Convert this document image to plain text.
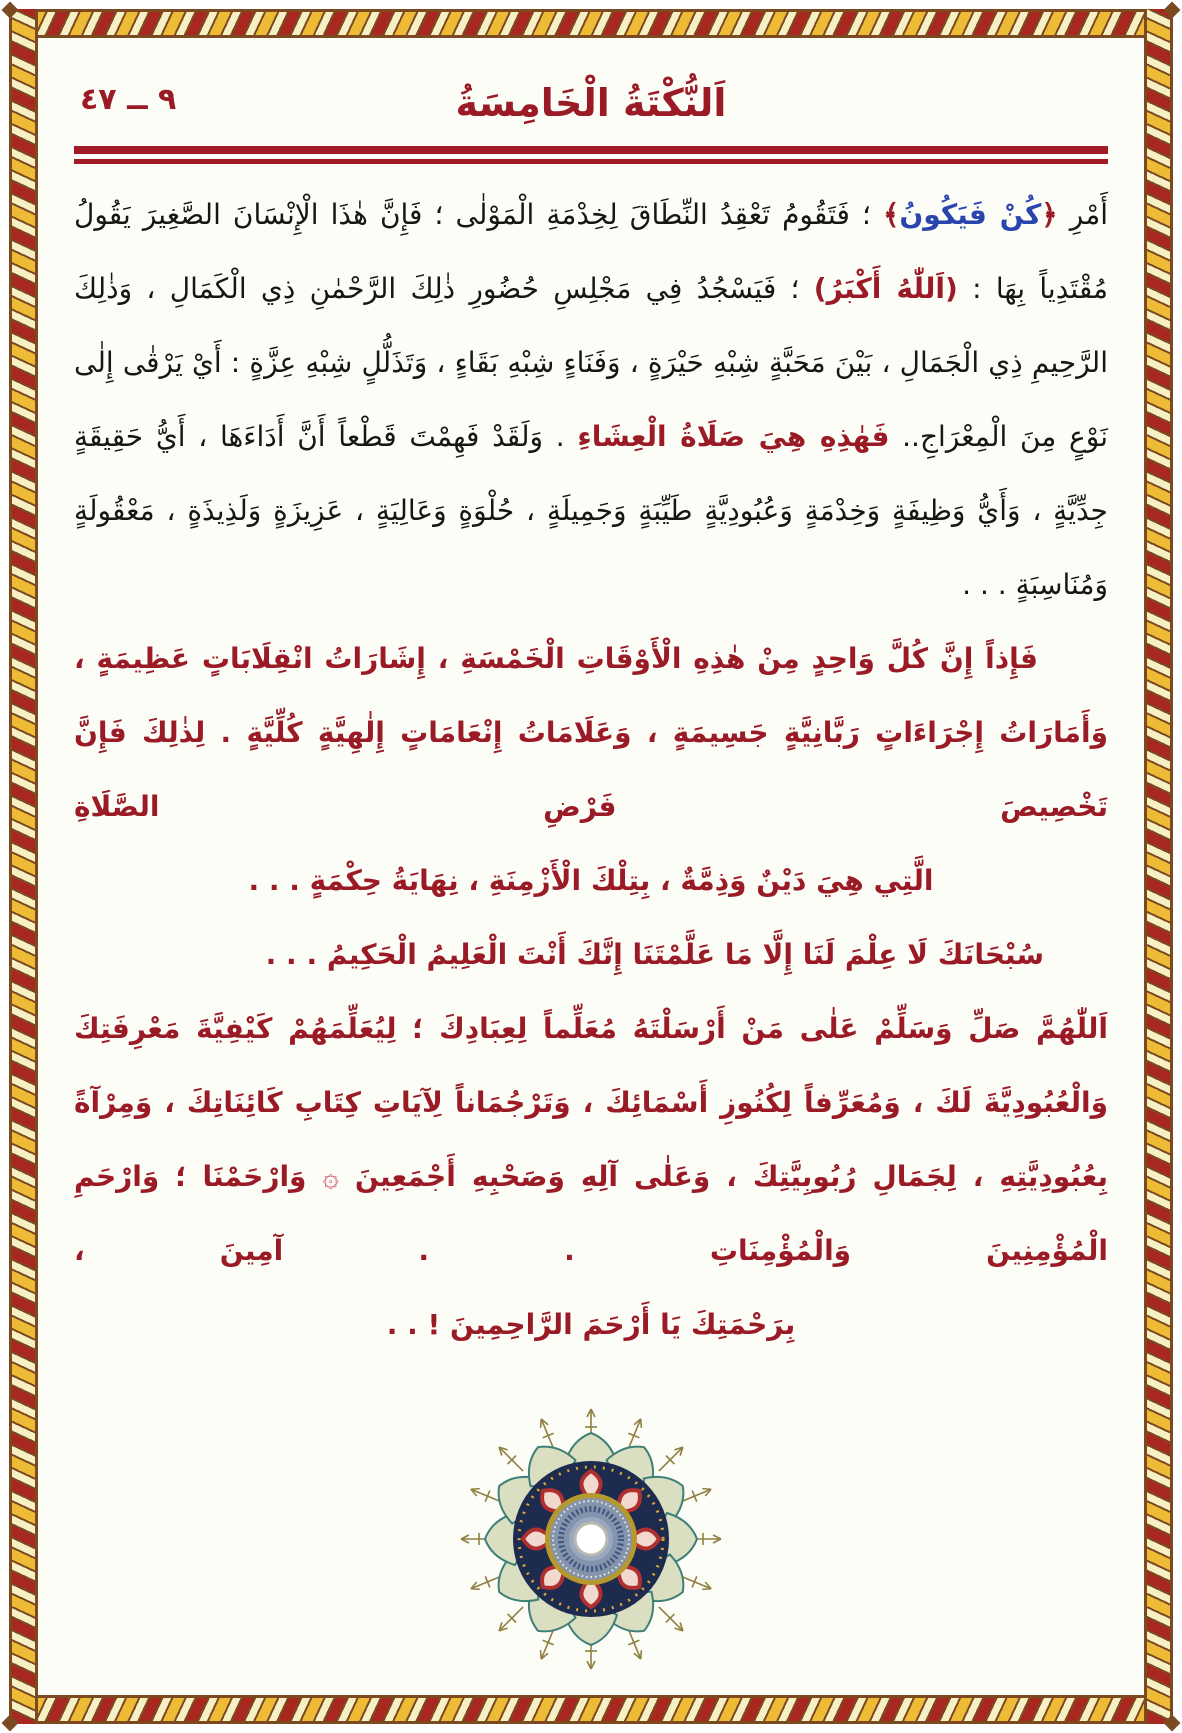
٩ ــ ٤٧	اَلنُّكْتَةُ الْخَامِسَةُ

أَمْرِ ﴿كُنْ فَيَكُونُ﴾ ؛ فَتَقُومُ تَعْقِدُ النِّطَاقَ لِخِدْمَةِ الْمَوْلٰى ؛ فَإِنَّ هٰذَا الْإِنْسَانَ الصَّغِيرَ يَقُولُ مُقْتَدِياً بِهَا : (اَللّٰهُ أَكْبَرُ) ؛ فَيَسْجُدُ فِي مَجْلِسِ حُضُورِ ذٰلِكَ الرَّحْمٰنِ ذِي الْكَمَالِ ، وَذٰلِكَ الرَّحِيمِ ذِي الْجَمَالِ ، بَيْنَ مَحَبَّةٍ شِبْهِ حَيْرَةٍ ، وَفَنَاءٍ شِبْهِ بَقَاءٍ ، وَتَذَلُّلٍ شِبْهِ عِزَّةٍ : أَيْ يَرْقٰى إِلٰى نَوْعٍ مِنَ الْمِعْرَاجِ.. فَهٰذِهِ هِيَ صَلَاةُ الْعِشَاءِ . وَلَقَدْ فَهِمْتَ قَطْعاً أَنَّ أَدَاءَهَا ، أَيُّ حَقِيقَةٍ جِدِّيَّةٍ ، وَأَيُّ وَظِيفَةٍ وَخِدْمَةٍ وَعُبُودِيَّةٍ طَيِّبَةٍ وَجَمِيلَةٍ ، حُلْوَةٍ وَعَالِيَةٍ ، عَزِيزَةٍ وَلَذِيذَةٍ ، مَعْقُولَةٍ وَمُنَاسِبَةٍ . . .

فَإِذاً إِنَّ كُلَّ وَاحِدٍ مِنْ هٰذِهِ الْأَوْقَاتِ الْخَمْسَةِ ، إِشَارَاتُ انْقِلَابَاتٍ عَظِيمَةٍ ، وَأَمَارَاتُ إِجْرَاءَاتٍ رَبَّانِيَّةٍ جَسِيمَةٍ ، وَعَلَامَاتُ إِنْعَامَاتٍ إِلٰهِيَّةٍ كُلِّيَّةٍ . لِذٰلِكَ فَإِنَّ تَخْصِيصَ فَرْضِ الصَّلَاةِ

الَّتِي هِيَ دَيْنٌ وَذِمَّةٌ ، بِتِلْكَ الْأَزْمِنَةِ ، نِهَايَةُ حِكْمَةٍ . . .

سُبْحَانَكَ لَا عِلْمَ لَنَا إِلَّا مَا عَلَّمْتَنَا إِنَّكَ أَنْتَ الْعَلِيمُ الْحَكِيمُ . . .

اَللّٰهُمَّ صَلِّ وَسَلِّمْ عَلٰى مَنْ أَرْسَلْتَهُ مُعَلِّماً لِعِبَادِكَ ؛ لِيُعَلِّمَهُمْ كَيْفِيَّةَ مَعْرِفَتِكَ وَالْعُبُودِيَّةَ لَكَ ، وَمُعَرِّفاً لِكُنُوزِ أَسْمَائِكَ ، وَتَرْجُمَاناً لِآيَاتِ كِتَابِ كَائِنَاتِكَ ، وَمِرْآةً بِعُبُودِيَّتِهِ ، لِجَمَالِ رُبُوبِيَّتِكَ ، وَعَلٰى آلِهِ وَصَحْبِهِ أَجْمَعِينَ ۞ وَارْحَمْنَا ؛ وَارْحَمِ الْمُؤْمِنِينَ وَالْمُؤْمِنَاتِ . . آمِينَ ،

بِرَحْمَتِكَ يَا أَرْحَمَ الرَّاحِمِينَ ! . .
